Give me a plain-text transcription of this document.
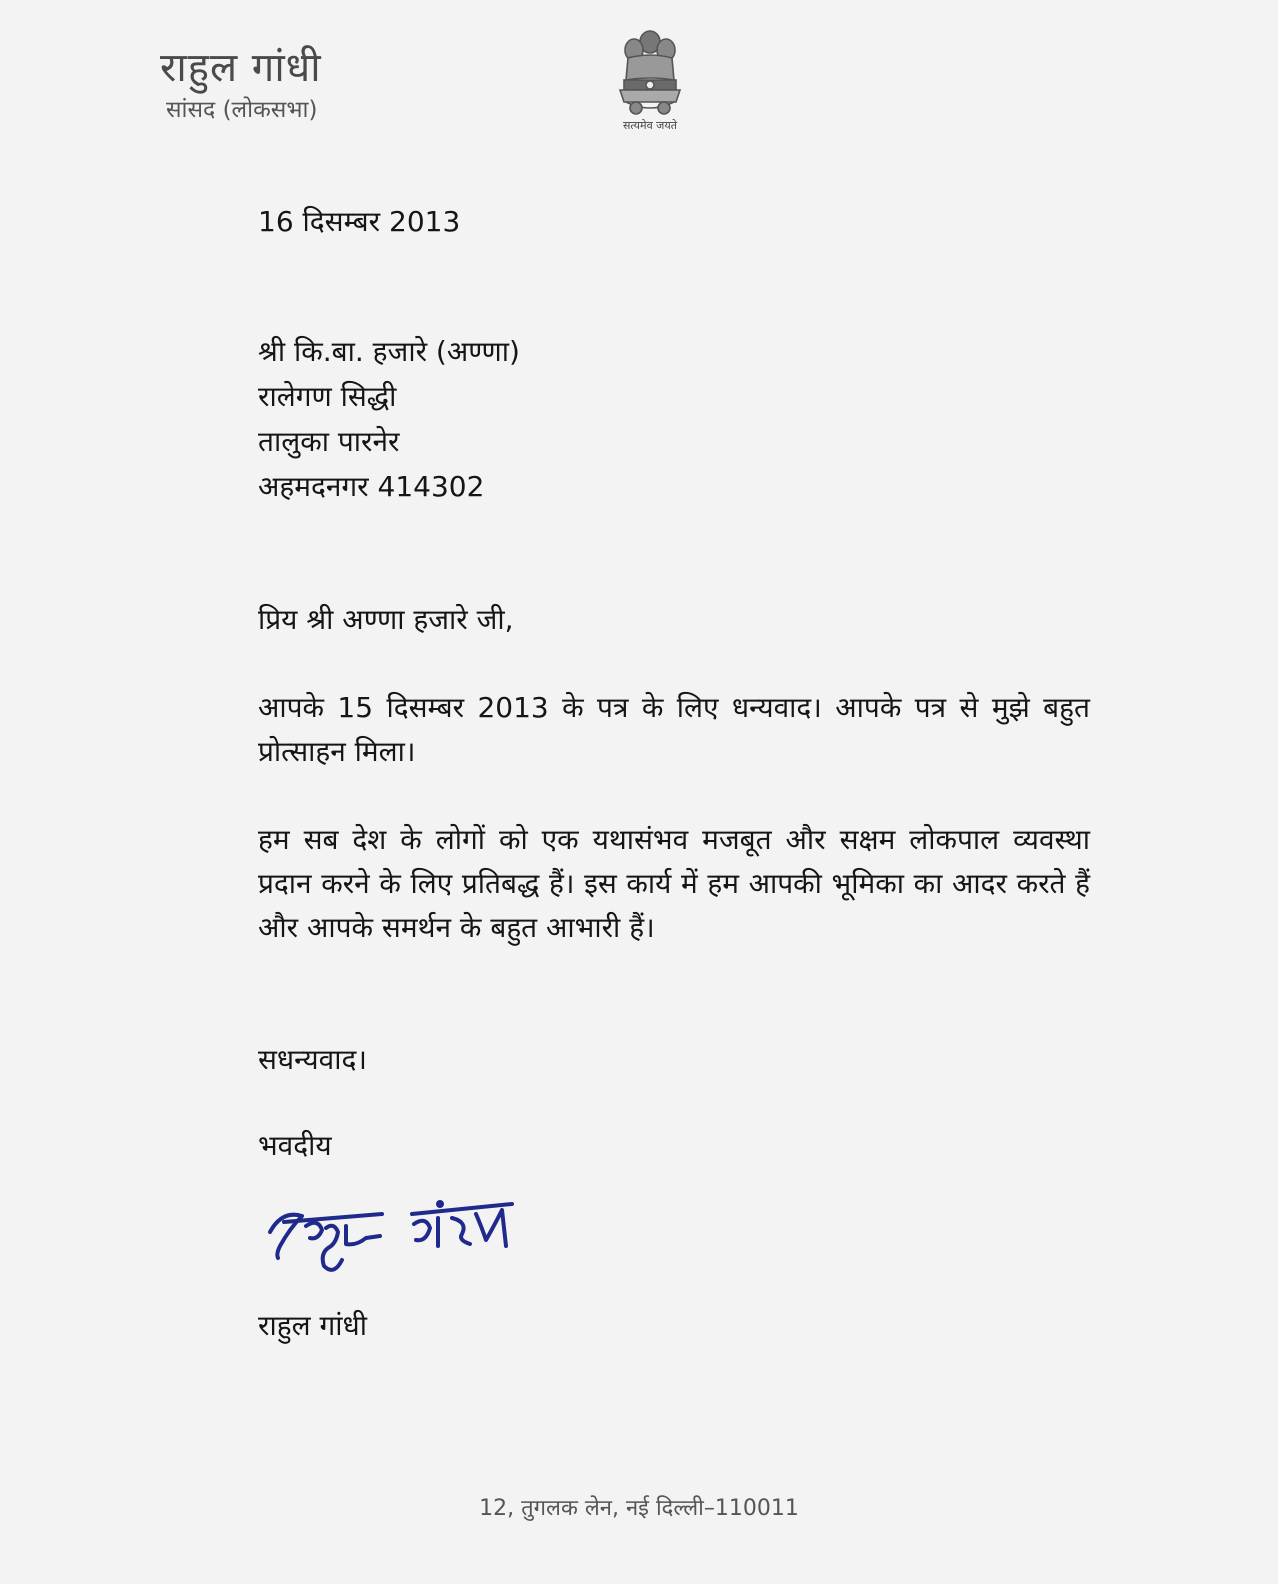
राहुल गांधी
सांसद (लोकसभा)
सत्यमेव जयते
16 दिसम्बर 2013
श्री कि.बा. हजारे (अण्णा)
रालेगण सिद्धी
तालुका पारनेर
अहमदनगर 414302
प्रिय श्री अण्णा हजारे जी,
आपके 15 दिसम्बर 2013 के पत्र के लिए धन्यवाद। आपके पत्र से मुझे बहुत प्रोत्साहन मिला।
हम सब देश के लोगों को एक यथासंभव मजबूत और सक्षम लोकपाल व्यवस्था प्रदान करने के लिए प्रतिबद्ध हैं। इस कार्य में हम आपकी भूमिका का आदर करते हैं और आपके समर्थन के बहुत आभारी हैं।
सधन्यवाद।
भवदीय
राहुल गांधी
12, तुगलक लेन, नई दिल्ली–110011
